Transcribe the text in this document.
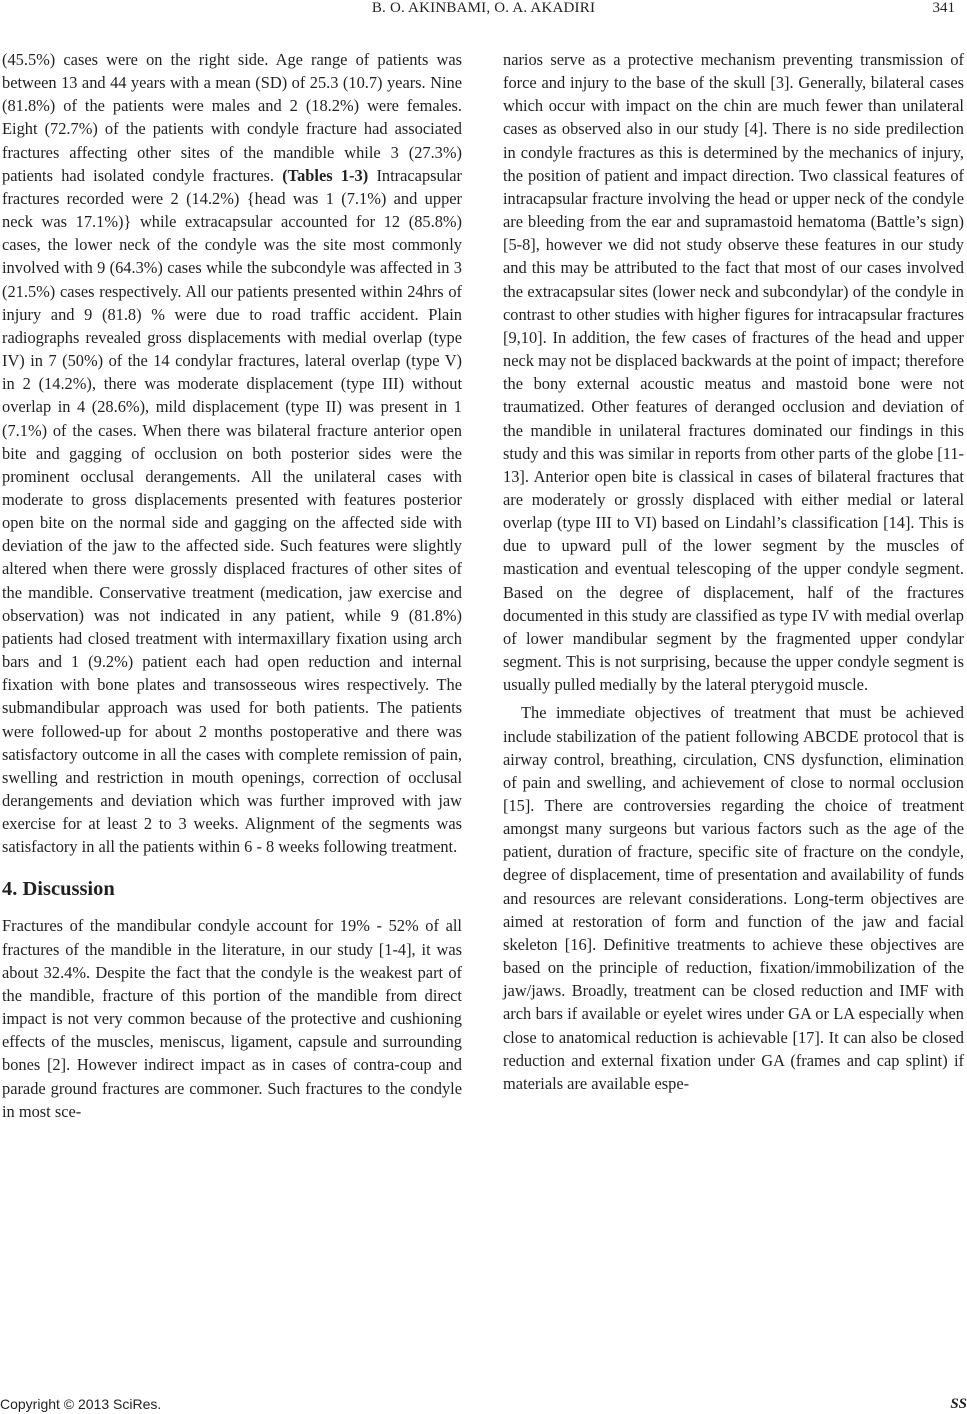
B. O. AKINBAMI, O. A. AKADIRI	341

(45.5%) cases were on the right side. Age range of patients was between 13 and 44 years with a mean (SD) of 25.3 (10.7) years. Nine (81.8%) of the patients were males and 2 (18.2%) were females. Eight (72.7%) of the patients with condyle fracture had associated fractures affecting other sites of the mandible while 3 (27.3%) patients had isolated condyle fractures. (Tables 1-3) Intracapsular fractures recorded were 2 (14.2%) {head was 1 (7.1%) and upper neck was 17.1%)} while extracapsular accounted for 12 (85.8%) cases, the lower neck of the condyle was the site most commonly involved with 9 (64.3%) cases while the subcondyle was affected in 3 (21.5%) cases respectively. All our patients presented within 24hrs of injury and 9 (81.8) % were due to road traffic accident. Plain radiographs revealed gross displacements with medial overlap (type IV) in 7 (50%) of the 14 condylar fractures, lateral overlap (type V) in 2 (14.2%), there was moderate displacement (type III) without overlap in 4 (28.6%), mild displacement (type II) was present in 1 (7.1%) of the cases. When there was bilateral fracture anterior open bite and gagging of occlusion on both posterior sides were the prominent occlusal derangements. All the unilateral cases with moderate to gross displacements presented with features posterior open bite on the normal side and gagging on the affected side with deviation of the jaw to the affected side. Such features were slightly altered when there were grossly displaced fractures of other sites of the mandible. Conservative treatment (medication, jaw exercise and observation) was not indicated in any patient, while 9 (81.8%) patients had closed treatment with intermaxillary fixation using arch bars and 1 (9.2%) patient each had open reduction and internal fixation with bone plates and transosseous wires respectively. The submandibular approach was used for both patients. The patients were followed-up for about 2 months postoperative and there was satisfactory outcome in all the cases with complete remission of pain, swelling and restriction in mouth openings, correction of occlusal derangements and deviation which was further improved with jaw exercise for at least 2 to 3 weeks. Alignment of the segments was satisfactory in all the patients within 6 - 8 weeks following treatment.

4. Discussion

Fractures of the mandibular condyle account for 19% - 52% of all fractures of the mandible in the literature, in our study [1-4], it was about 32.4%. Despite the fact that the condyle is the weakest part of the mandible, fracture of this portion of the mandible from direct impact is not very common because of the protective and cushioning effects of the muscles, meniscus, ligament, capsule and surrounding bones [2]. However indirect impact as in cases of contra-coup and parade ground fractures are commoner. Such fractures to the condyle in most sce-

narios serve as a protective mechanism preventing transmission of force and injury to the base of the skull [3]. Generally, bilateral cases which occur with impact on the chin are much fewer than unilateral cases as observed also in our study [4]. There is no side predilection in condyle fractures as this is determined by the mechanics of injury, the position of patient and impact direction. Two classical features of intracapsular fracture involving the head or upper neck of the condyle are bleeding from the ear and supramastoid hematoma (Battle’s sign) [5-8], however we did not study observe these features in our study and this may be attributed to the fact that most of our cases involved the extracapsular sites (lower neck and subcondylar) of the condyle in contrast to other studies with higher figures for intracapsular fractures [9,10]. In addition, the few cases of fractures of the head and upper neck may not be displaced backwards at the point of impact; therefore the bony external acoustic meatus and mastoid bone were not traumatized. Other features of deranged occlusion and deviation of the mandible in unilateral fractures dominated our findings in this study and this was similar in reports from other parts of the globe [11-13]. Anterior open bite is classical in cases of bilateral fractures that are moderately or grossly displaced with either medial or lateral overlap (type III to VI) based on Lindahl’s classification [14]. This is due to upward pull of the lower segment by the muscles of mastication and eventual telescoping of the upper condyle segment. Based on the degree of displacement, half of the fractures documented in this study are classified as type IV with medial overlap of lower mandibular segment by the fragmented upper condylar segment. This is not surprising, because the upper condyle segment is usually pulled medially by the lateral pterygoid muscle.

The immediate objectives of treatment that must be achieved include stabilization of the patient following ABCDE protocol that is airway control, breathing, circulation, CNS dysfunction, elimination of pain and swelling, and achievement of close to normal occlusion [15]. There are controversies regarding the choice of treatment amongst many surgeons but various factors such as the age of the patient, duration of fracture, specific site of fracture on the condyle, degree of displacement, time of presentation and availability of funds and resources are relevant considerations. Long-term objectives are aimed at restoration of form and function of the jaw and facial skeleton [16]. Definitive treatments to achieve these objectives are based on the principle of reduction, fixation/immobilization of the jaw/jaws. Broadly, treatment can be closed reduction and IMF with arch bars if available or eyelet wires under GA or LA especially when close to anatomical reduction is achievable [17]. It can also be closed reduction and external fixation under GA (frames and cap splint) if materials are available espe-

Copyright © 2013 SciRes.	SS
